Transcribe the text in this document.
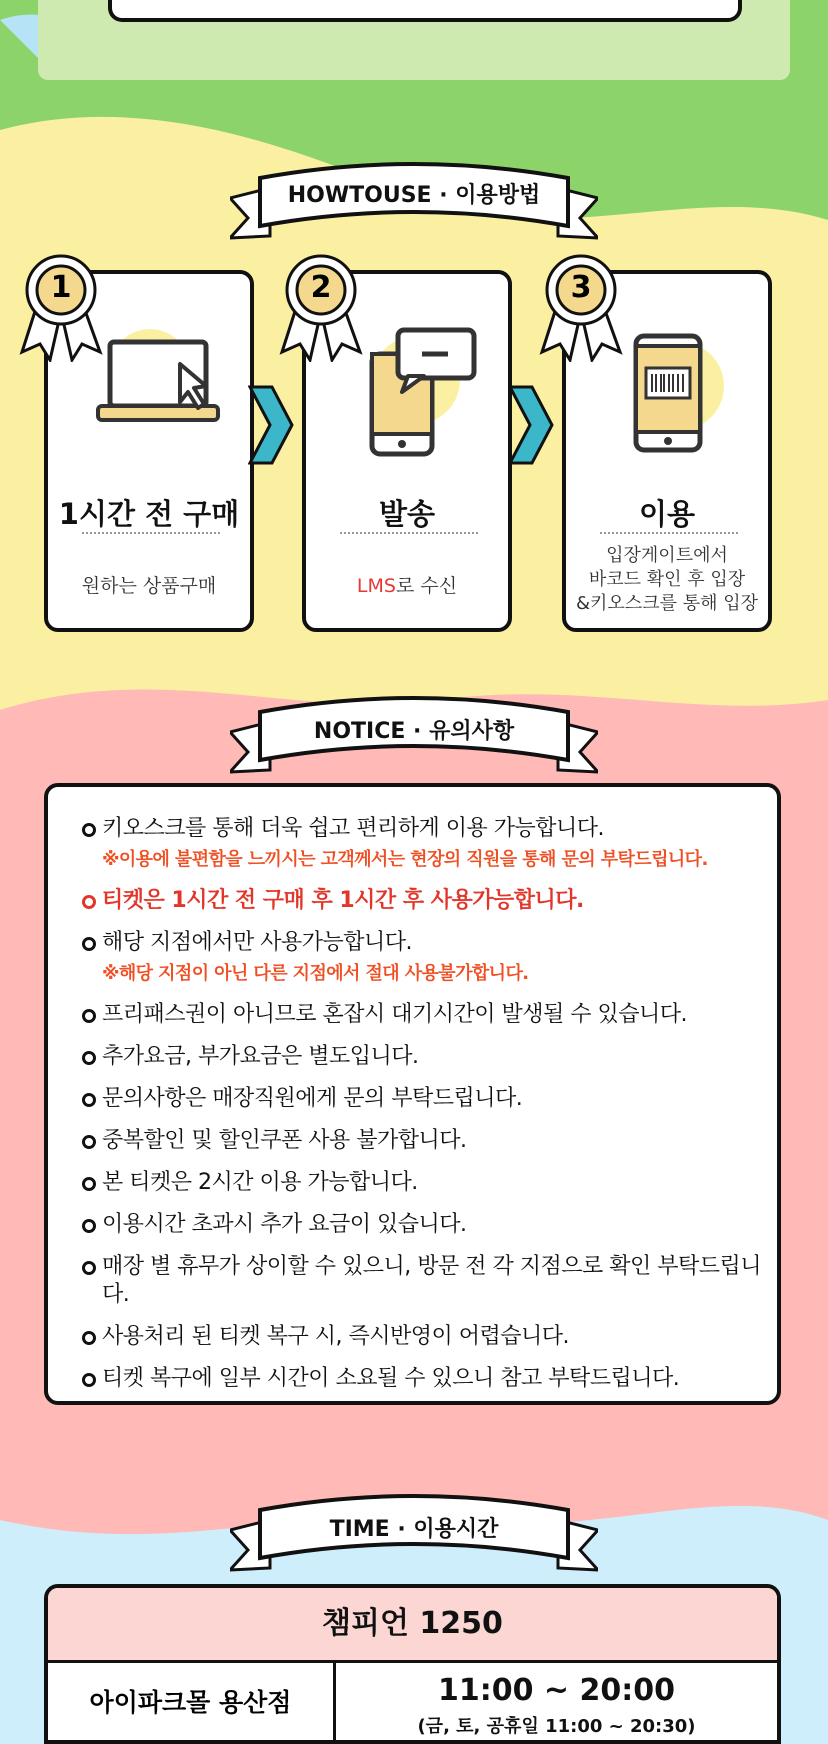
HOWTOUSE · 이용방법
1시간 전 구매
원하는 상품구매
1
발송
LMS로 수신
2
이용
입장게이트에서
바코드 확인 후 입장
&키오스크를 통해 입장
3
NOTICE · 유의사항
키오스크를 통해 더욱 쉽고 편리하게 이용 가능합니다.
※이용에 불편함을 느끼시는 고객께서는 현장의 직원을 통해 문의 부탁드립니다.
티켓은 1시간 전 구매 후 1시간 후 사용가능합니다.
해당 지점에서만 사용가능합니다.
※해당 지점이 아닌 다른 지점에서 절대 사용불가합니다.
프리패스권이 아니므로 혼잡시 대기시간이 발생될 수 있습니다.
추가요금, 부가요금은 별도입니다.
문의사항은 매장직원에게 문의 부탁드립니다.
중복할인 및 할인쿠폰 사용 불가합니다.
본 티켓은 2시간 이용 가능합니다.
이용시간 초과시 추가 요금이 있습니다.
매장 별 휴무가 상이할 수 있으니, 방문 전 각 지점으로 확인 부탁드립니다.
사용처리 된 티켓 복구 시, 즉시반영이 어렵습니다.
티켓 복구에 일부 시간이 소요될 수 있으니 참고 부탁드립니다.
TIME · 이용시간
챔피언 1250
아이파크몰 용산점	11:00 ~ 20:00
(금, 토, 공휴일 11:00 ~ 20:30)
